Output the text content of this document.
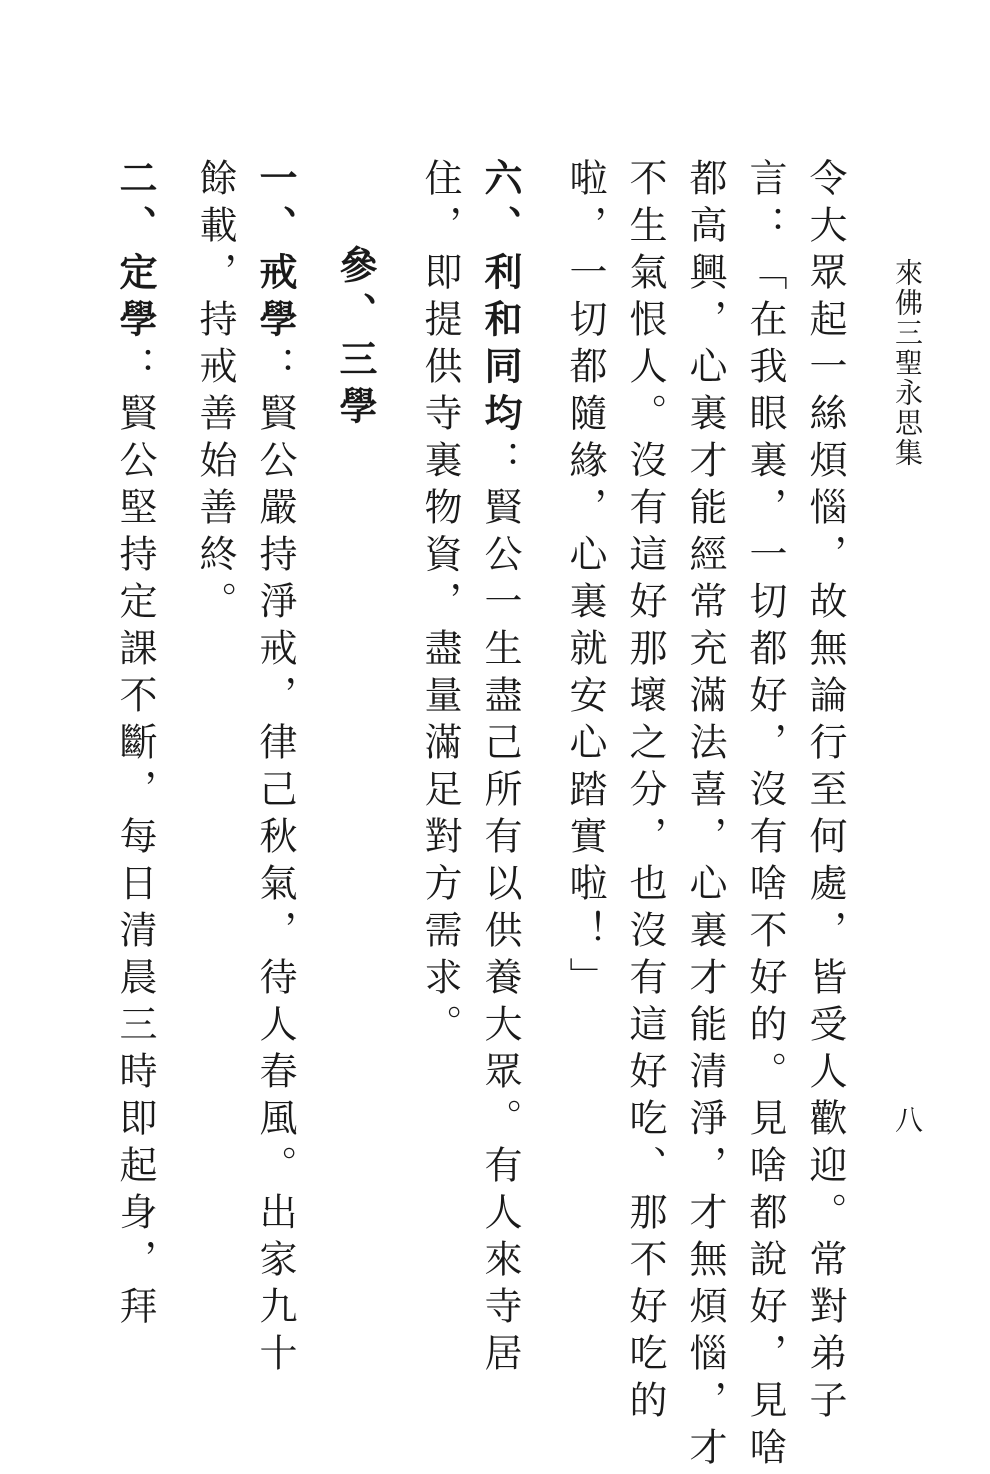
來佛三聖永思集
八
令大眾起一絲煩惱，故無論行至何處，皆受人歡迎。常對弟子
言：「在我眼裏，一切都好，沒有啥不好的。見啥都說好，見啥
都高興，心裏才能經常充滿法喜，心裏才能清淨，才無煩惱，才
不生氣恨人。沒有這好那壞之分，也沒有這好吃、那不好吃的
啦，一切都隨緣，心裏就安心踏實啦！」
六、利和同均：賢公一生盡己所有以供養大眾。有人來寺居
住，即提供寺裏物資，盡量滿足對方需求。
參、三學
一、戒學：賢公嚴持淨戒，律己秋氣，待人春風。出家九十
餘載，持戒善始善終。
二、定學：賢公堅持定課不斷，每日清晨三時即起身，拜
